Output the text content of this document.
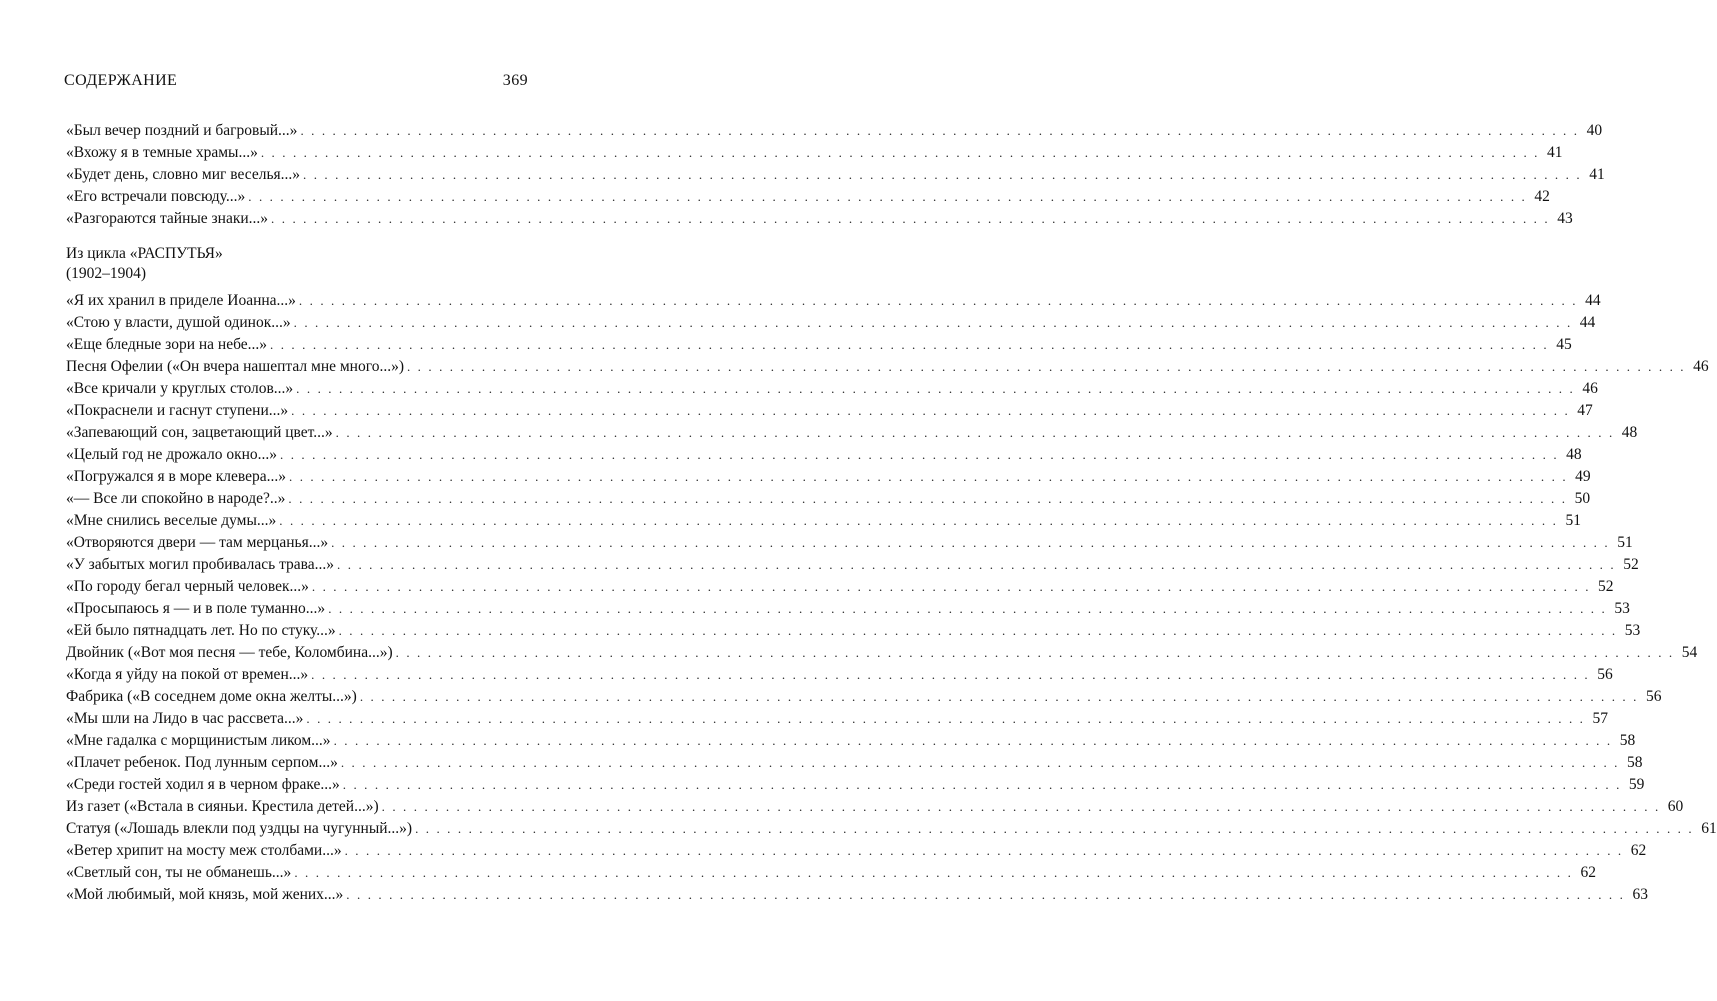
СОДЕРЖАНИЕ	369
«Был вечер поздний и багровый...» . . . . . . . . . . . . . . . . . . . . . . . . . . . . . . . . . . . . . . . . . . . . . . . . . . . . . . . . . . . . . . . . . . . . . . . . . . . . . . . . . . . . . . . . . . . . . . . . . . . . . . . . . . . . . . . . . . . . . . . . 40
«Вхожу я в темные храмы...» . . . . . . . . . . . . . . . . . . . . . . . . . . . . . . . . . . . . . . . . . . . . . . . . . . . . . . . . . . . . . . . . . . . . . . . . . . . . . . . . . . . . . . . . . . . . . . . . . . . . . . . . . . . . . . . . . . . . . . . . 41
«Будет день, словно миг веселья...» . . . . . . . . . . . . . . . . . . . . . . . . . . . . . . . . . . . . . . . . . . . . . . . . . . . . . . . . . . . . . . . . . . . . . . . . . . . . . . . . . . . . . . . . . . . . . . . . . . . . . . . . . . . . . . . . . . . . . . . . 41
«Его встречали повсюду...» . . . . . . . . . . . . . . . . . . . . . . . . . . . . . . . . . . . . . . . . . . . . . . . . . . . . . . . . . . . . . . . . . . . . . . . . . . . . . . . . . . . . . . . . . . . . . . . . . . . . . . . . . . . . . . . . . . . . . . . . 42
«Разгораются тайные знаки...» . . . . . . . . . . . . . . . . . . . . . . . . . . . . . . . . . . . . . . . . . . . . . . . . . . . . . . . . . . . . . . . . . . . . . . . . . . . . . . . . . . . . . . . . . . . . . . . . . . . . . . . . . . . . . . . . . . . . . . . . 43
Из цикла «РАСПУТЬЯ»
(1902–1904)
«Я их хранил в приделе Иоанна...» . . . . . . . . . . . . . . . . . . . . . . . . . . . . . . . . . . . . . . . . . . . . . . . . . . . . . . . . . . . . . . . . . . . . . . . . . . . . . . . . . . . . . . . . . . . . . . . . . . . . . . . . . . . . . . . . . . . . . . . . 44
«Стою у власти, душой одинок...» . . . . . . . . . . . . . . . . . . . . . . . . . . . . . . . . . . . . . . . . . . . . . . . . . . . . . . . . . . . . . . . . . . . . . . . . . . . . . . . . . . . . . . . . . . . . . . . . . . . . . . . . . . . . . . . . . . . . . . . . 44
«Еще бледные зори на небе...» . . . . . . . . . . . . . . . . . . . . . . . . . . . . . . . . . . . . . . . . . . . . . . . . . . . . . . . . . . . . . . . . . . . . . . . . . . . . . . . . . . . . . . . . . . . . . . . . . . . . . . . . . . . . . . . . . . . . . . . . 45
Песня Офелии («Он вчера нашептал мне много...») . . . . . . . . . . . . . . . . . . . . . . . . . . . . . . . . . . . . . . . . . . . . . . . . . . . . . . . . . . . . . . . . . . . . . . . . . . . . . . . . . . . . . . . . . . . . . . . . . . . . . . . . . . . . . . . . . . . . . . . . 46
«Все кричали у круглых столов...» . . . . . . . . . . . . . . . . . . . . . . . . . . . . . . . . . . . . . . . . . . . . . . . . . . . . . . . . . . . . . . . . . . . . . . . . . . . . . . . . . . . . . . . . . . . . . . . . . . . . . . . . . . . . . . . . . . . . . . . . 46
«Покраснели и гаснут ступени...» . . . . . . . . . . . . . . . . . . . . . . . . . . . . . . . . . . . . . . . . . . . . . . . . . . . . . . . . . . . . . . . . . . . . . . . . . . . . . . . . . . . . . . . . . . . . . . . . . . . . . . . . . . . . . . . . . . . . . . . . 47
«Запевающий сон, зацветающий цвет...» . . . . . . . . . . . . . . . . . . . . . . . . . . . . . . . . . . . . . . . . . . . . . . . . . . . . . . . . . . . . . . . . . . . . . . . . . . . . . . . . . . . . . . . . . . . . . . . . . . . . . . . . . . . . . . . . . . . . . . . . 48
«Целый год не дрожало окно...» . . . . . . . . . . . . . . . . . . . . . . . . . . . . . . . . . . . . . . . . . . . . . . . . . . . . . . . . . . . . . . . . . . . . . . . . . . . . . . . . . . . . . . . . . . . . . . . . . . . . . . . . . . . . . . . . . . . . . . . . 48
«Погружался я в море клевера...» . . . . . . . . . . . . . . . . . . . . . . . . . . . . . . . . . . . . . . . . . . . . . . . . . . . . . . . . . . . . . . . . . . . . . . . . . . . . . . . . . . . . . . . . . . . . . . . . . . . . . . . . . . . . . . . . . . . . . . . . 49
«— Все ли спокойно в народе?..» . . . . . . . . . . . . . . . . . . . . . . . . . . . . . . . . . . . . . . . . . . . . . . . . . . . . . . . . . . . . . . . . . . . . . . . . . . . . . . . . . . . . . . . . . . . . . . . . . . . . . . . . . . . . . . . . . . . . . . . . 50
«Мне снились веселые думы...» . . . . . . . . . . . . . . . . . . . . . . . . . . . . . . . . . . . . . . . . . . . . . . . . . . . . . . . . . . . . . . . . . . . . . . . . . . . . . . . . . . . . . . . . . . . . . . . . . . . . . . . . . . . . . . . . . . . . . . . . 51
«Отворяются двери — там мерцанья...» . . . . . . . . . . . . . . . . . . . . . . . . . . . . . . . . . . . . . . . . . . . . . . . . . . . . . . . . . . . . . . . . . . . . . . . . . . . . . . . . . . . . . . . . . . . . . . . . . . . . . . . . . . . . . . . . . . . . . . . . 51
«У забытых могил пробивалась трава...» . . . . . . . . . . . . . . . . . . . . . . . . . . . . . . . . . . . . . . . . . . . . . . . . . . . . . . . . . . . . . . . . . . . . . . . . . . . . . . . . . . . . . . . . . . . . . . . . . . . . . . . . . . . . . . . . . . . . . . . . 52
«По городу бегал черный человек...» . . . . . . . . . . . . . . . . . . . . . . . . . . . . . . . . . . . . . . . . . . . . . . . . . . . . . . . . . . . . . . . . . . . . . . . . . . . . . . . . . . . . . . . . . . . . . . . . . . . . . . . . . . . . . . . . . . . . . . . . 52
«Просыпаюсь я — и в поле туманно...» . . . . . . . . . . . . . . . . . . . . . . . . . . . . . . . . . . . . . . . . . . . . . . . . . . . . . . . . . . . . . . . . . . . . . . . . . . . . . . . . . . . . . . . . . . . . . . . . . . . . . . . . . . . . . . . . . . . . . . . . 53
«Ей было пятнадцать лет. Но по стуку...» . . . . . . . . . . . . . . . . . . . . . . . . . . . . . . . . . . . . . . . . . . . . . . . . . . . . . . . . . . . . . . . . . . . . . . . . . . . . . . . . . . . . . . . . . . . . . . . . . . . . . . . . . . . . . . . . . . . . . . . . 53
Двойник («Вот моя песня — тебе, Коломбина...») . . . . . . . . . . . . . . . . . . . . . . . . . . . . . . . . . . . . . . . . . . . . . . . . . . . . . . . . . . . . . . . . . . . . . . . . . . . . . . . . . . . . . . . . . . . . . . . . . . . . . . . . . . . . . . . . . . . . . . . . 54
«Когда я уйду на покой от времен...» . . . . . . . . . . . . . . . . . . . . . . . . . . . . . . . . . . . . . . . . . . . . . . . . . . . . . . . . . . . . . . . . . . . . . . . . . . . . . . . . . . . . . . . . . . . . . . . . . . . . . . . . . . . . . . . . . . . . . . . . 56
Фабрика («В соседнем доме окна желты...») . . . . . . . . . . . . . . . . . . . . . . . . . . . . . . . . . . . . . . . . . . . . . . . . . . . . . . . . . . . . . . . . . . . . . . . . . . . . . . . . . . . . . . . . . . . . . . . . . . . . . . . . . . . . . . . . . . . . . . . . 56
«Мы шли на Лидо в час рассвета...» . . . . . . . . . . . . . . . . . . . . . . . . . . . . . . . . . . . . . . . . . . . . . . . . . . . . . . . . . . . . . . . . . . . . . . . . . . . . . . . . . . . . . . . . . . . . . . . . . . . . . . . . . . . . . . . . . . . . . . . . 57
«Мне гадалка с морщинистым ликом...» . . . . . . . . . . . . . . . . . . . . . . . . . . . . . . . . . . . . . . . . . . . . . . . . . . . . . . . . . . . . . . . . . . . . . . . . . . . . . . . . . . . . . . . . . . . . . . . . . . . . . . . . . . . . . . . . . . . . . . . . 58
«Плачет ребенок. Под лунным серпом...» . . . . . . . . . . . . . . . . . . . . . . . . . . . . . . . . . . . . . . . . . . . . . . . . . . . . . . . . . . . . . . . . . . . . . . . . . . . . . . . . . . . . . . . . . . . . . . . . . . . . . . . . . . . . . . . . . . . . . . . . 58
«Среди гостей ходил я в черном фраке...» . . . . . . . . . . . . . . . . . . . . . . . . . . . . . . . . . . . . . . . . . . . . . . . . . . . . . . . . . . . . . . . . . . . . . . . . . . . . . . . . . . . . . . . . . . . . . . . . . . . . . . . . . . . . . . . . . . . . . . . . 59
Из газет («Встала в сияньи. Крестила детей...») . . . . . . . . . . . . . . . . . . . . . . . . . . . . . . . . . . . . . . . . . . . . . . . . . . . . . . . . . . . . . . . . . . . . . . . . . . . . . . . . . . . . . . . . . . . . . . . . . . . . . . . . . . . . . . . . . . . . . . . . 60
Статуя («Лошадь влекли под уздцы на чугунный...») . . . . . . . . . . . . . . . . . . . . . . . . . . . . . . . . . . . . . . . . . . . . . . . . . . . . . . . . . . . . . . . . . . . . . . . . . . . . . . . . . . . . . . . . . . . . . . . . . . . . . . . . . . . . . . . . . . . . . . . . 61
«Ветер хрипит на мосту меж столбами...» . . . . . . . . . . . . . . . . . . . . . . . . . . . . . . . . . . . . . . . . . . . . . . . . . . . . . . . . . . . . . . . . . . . . . . . . . . . . . . . . . . . . . . . . . . . . . . . . . . . . . . . . . . . . . . . . . . . . . . . . 62
«Светлый сон, ты не обманешь...» . . . . . . . . . . . . . . . . . . . . . . . . . . . . . . . . . . . . . . . . . . . . . . . . . . . . . . . . . . . . . . . . . . . . . . . . . . . . . . . . . . . . . . . . . . . . . . . . . . . . . . . . . . . . . . . . . . . . . . . . 62
«Мой любимый, мой князь, мой жених...» . . . . . . . . . . . . . . . . . . . . . . . . . . . . . . . . . . . . . . . . . . . . . . . . . . . . . . . . . . . . . . . . . . . . . . . . . . . . . . . . . . . . . . . . . . . . . . . . . . . . . . . . . . . . . . . . . . . . . . . . 63
